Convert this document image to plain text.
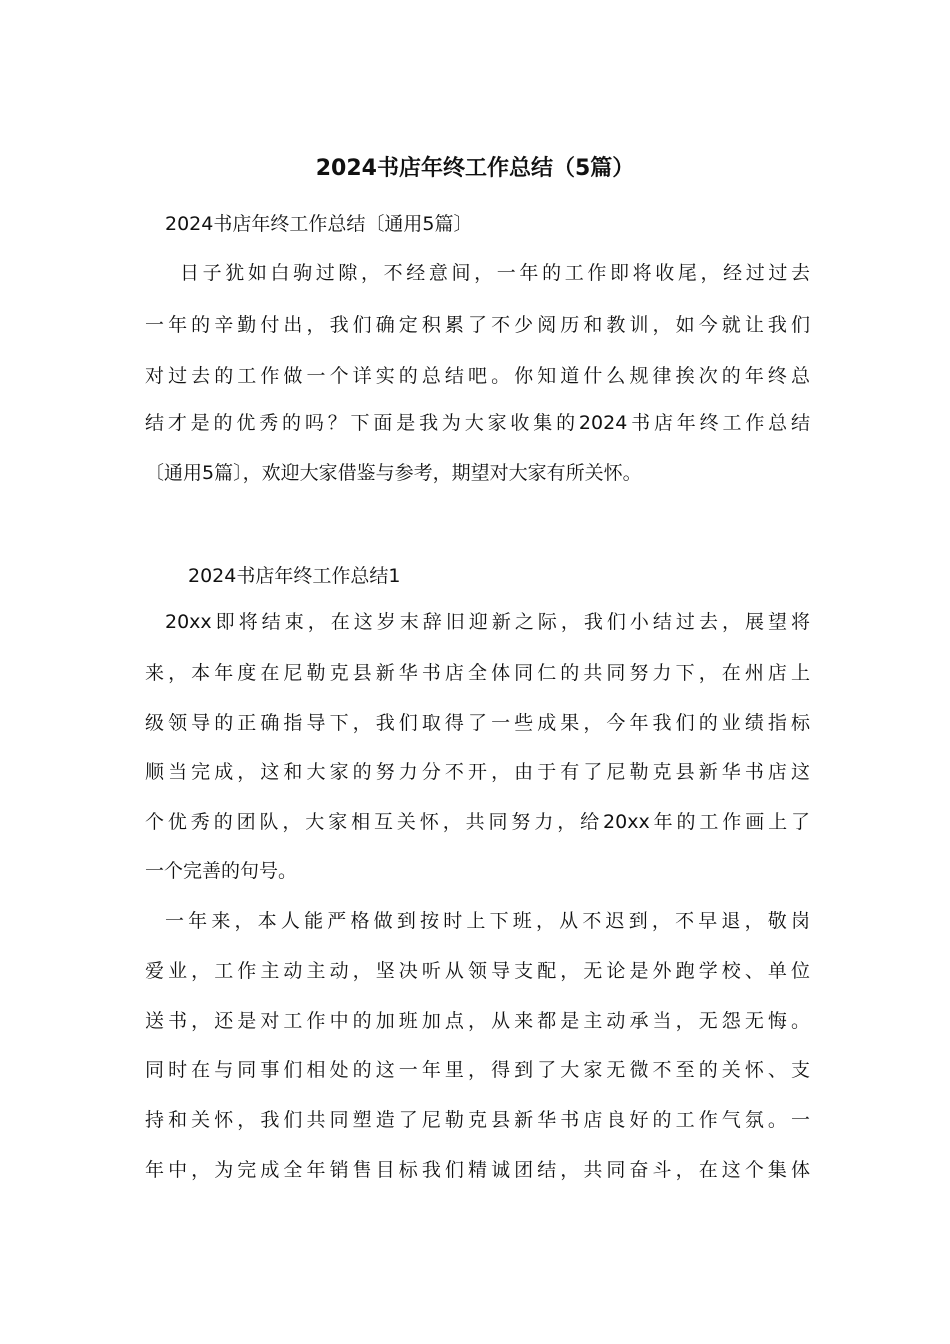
2024书店年终工作总结（5篇）

2024书店年终工作总结〔通用5篇〕

日子犹如白驹过隙，不经意间，一年的工作即将收尾，经过过去

一年的辛勤付出，我们确定积累了不少阅历和教训，如今就让我们

对过去的工作做一个详实的总结吧。你知道什么规律挨次的年终总

结才是的优秀的吗？下面是我为大家收集的2024书店年终工作总结

〔通用5篇〕，欢迎大家借鉴与参考，期望对大家有所关怀。

2024书店年终工作总结1

20xx即将结束，在这岁末辞旧迎新之际，我们小结过去，展望将

来，本年度在尼勒克县新华书店全体同仁的共同努力下，在州店上

级领导的正确指导下，我们取得了一些成果，今年我们的业绩指标

顺当完成，这和大家的努力分不开，由于有了尼勒克县新华书店这

个优秀的团队，大家相互关怀，共同努力，给20xx年的工作画上了

一个完善的句号。

一年来，本人能严格做到按时上下班，从不迟到，不早退，敬岗

爱业，工作主动主动，坚决听从领导支配，无论是外跑学校、单位

送书，还是对工作中的加班加点，从来都是主动承当，无怨无悔。

同时在与同事们相处的这一年里，得到了大家无微不至的关怀、支

持和关怀，我们共同塑造了尼勒克县新华书店良好的工作气氛。一

年中，为完成全年销售目标我们精诚团结，共同奋斗，在这个集体
